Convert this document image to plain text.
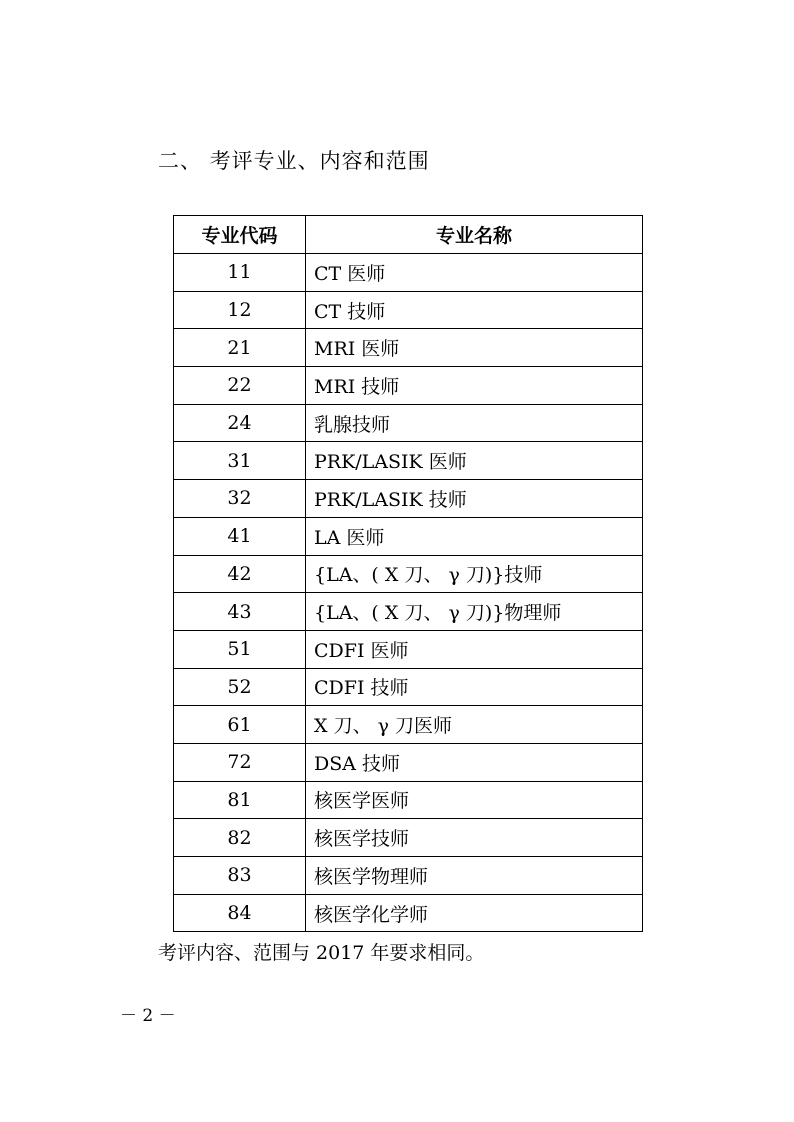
二、 考评专业、内容和范围
专业代码	专业名称
11	CT 医师
12	CT 技师
21	MRI 医师
22	MRI 技师
24	乳腺技师
31	PRK/LASIK 医师
32	PRK/LASIK 技师
41	LA 医师
42	{LA、( X 刀、 γ 刀)}技师
43	{LA、( X 刀、 γ 刀)}物理师
51	CDFI 医师
52	CDFI 技师
61	X 刀、 γ 刀医师
72	DSA 技师
81	核医学医师
82	核医学技师
83	核医学物理师
84	核医学化学师
考评内容、范围与 2017 年要求相同。
－ 2 －
